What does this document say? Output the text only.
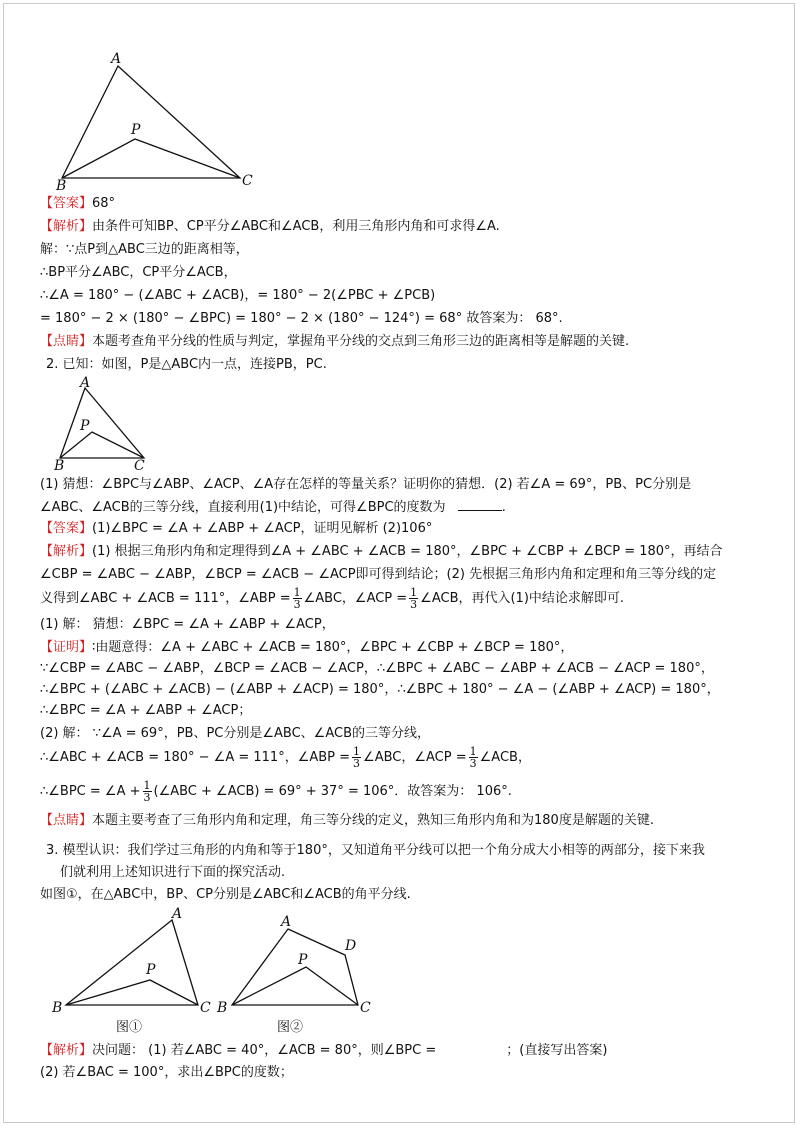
A
P
B	C
【答案】68°
【解析】由条件可知BP、CP平分∠ABC和∠ACB，利用三角形内角和可求得∠A.
解：∵点P到△ABC三边的距离相等，
∴BP平分∠ABC，CP平分∠ACB，
∴∠A = 180° − (∠ABC + ∠ACB)，= 180° − 2(∠PBC + ∠PCB)
= 180° − 2 × (180° − ∠BPC) = 180° − 2 × (180° − 124°) = 68° 故答案为： 68°.
【点睛】本题考查角平分线的性质与判定，掌握角平分线的交点到三角形三边的距离相等是解题的关键.
2. 已知：如图，P是△ABC内一点，连接PB，PC.
A
P
B	C
(1) 猜想：∠BPC与∠ABP、∠ACP、∠A存在怎样的等量关系？证明你的猜想．(2) 若∠A = 69°，PB、PC分别是
∠ABC、∠ACB的三等分线，直接利用(1)中结论，可得∠BPC的度数为	.
【答案】(1)∠BPC = ∠A + ∠ABP + ∠ACP，证明见解析 (2)106°
【解析】(1) 根据三角形内角和定理得到∠A + ∠ABC + ∠ACB = 180°，∠BPC + ∠CBP + ∠BCP = 180°，再结合
∠CBP = ∠ABC − ∠ABP，∠BCP = ∠ACB − ∠ACP即可得到结论；(2) 先根据三角形内角和定理和角三等分线的定
义得到∠ABC + ∠ACB = 111°，∠ABP = $\frac{1}{3}$ ∠ABC，∠ACP = $\frac{1}{3}$ ∠ACB，再代入(1)中结论求解即可.
(1) 解： 猜想：∠BPC = ∠A + ∠ABP + ∠ACP，
【证明】∶由题意得：∠A + ∠ABC + ∠ACB = 180°，∠BPC + ∠CBP + ∠BCP = 180°，
∵∠CBP = ∠ABC − ∠ABP，∠BCP = ∠ACB − ∠ACP，∴∠BPC + ∠ABC − ∠ABP + ∠ACB − ∠ACP = 180°，
∴∠BPC + (∠ABC + ∠ACB) − (∠ABP + ∠ACP) = 180°，∴∠BPC + 180° − ∠A − (∠ABP + ∠ACP) = 180°，
∴∠BPC = ∠A + ∠ABP + ∠ACP；
(2) 解： ∵∠A = 69°，PB、PC分别是∠ABC、∠ACB的三等分线，
∴∠ABC + ∠ACB = 180° − ∠A = 111°，∠ABP = $\frac{1}{3}$ ∠ABC，∠ACP = $\frac{1}{3}$ ∠ACB，
∴∠BPC = ∠A + $\frac{1}{3}$ (∠ABC + ∠ACB) = 69° + 37° = 106°．故答案为： 106°.
【点睛】本题主要考查了三角形内角和定理，角三等分线的定义，熟知三角形内角和为180度是解题的关键.
3. 模型认识：我们学过三角形的内角和等于180°，又知道角平分线可以把一个角分成大小相等的两部分，接下来我
们就利用上述知识进行下面的探究活动.
如图①，在△ABC中，BP、CP分别是∠ABC和∠ACB的角平分线.
A
P
B	C
图①
A
D
P
B	C
图②
【解析】决问题： (1) 若∠ABC = 40°，∠ACB = 80°，则∠BPC =	；(直接写出答案)
(2) 若∠BAC = 100°，求出∠BPC的度数；
